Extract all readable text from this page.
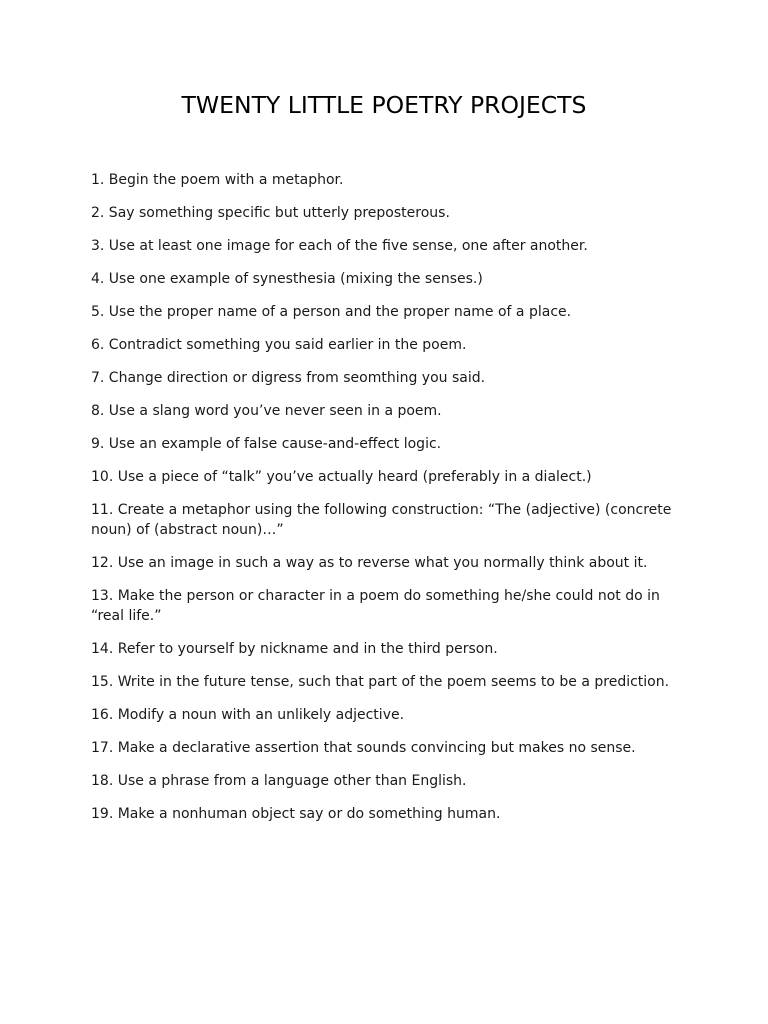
TWENTY LITTLE POETRY PROJECTS
1. Begin the poem with a metaphor.
2. Say something specific but utterly preposterous.
3. Use at least one image for each of the five sense, one after another.
4. Use one example of synesthesia (mixing the senses.)
5. Use the proper name of a person and the proper name of a place.
6. Contradict something you said earlier in the poem.
7. Change direction or digress from seomthing you said.
8. Use a slang word you’ve never seen in a poem.
9. Use an example of false cause-and-effect logic.
10. Use a piece of “talk” you’ve actually heard (preferably in a dialect.)
11. Create a metaphor using the following construction: “The (adjective) (concrete noun) of (abstract noun)…”
12. Use an image in such a way as to reverse what you normally think about it.
13. Make the person or character in a poem do something he/she could not do in “real life.”
14. Refer to yourself by nickname and in the third person.
15. Write in the future tense, such that part of the poem seems to be a prediction.
16. Modify a noun with an unlikely adjective.
17. Make a declarative assertion that sounds convincing but makes no sense.
18. Use a phrase from a language other than English.
19. Make a nonhuman object say or do something human.
